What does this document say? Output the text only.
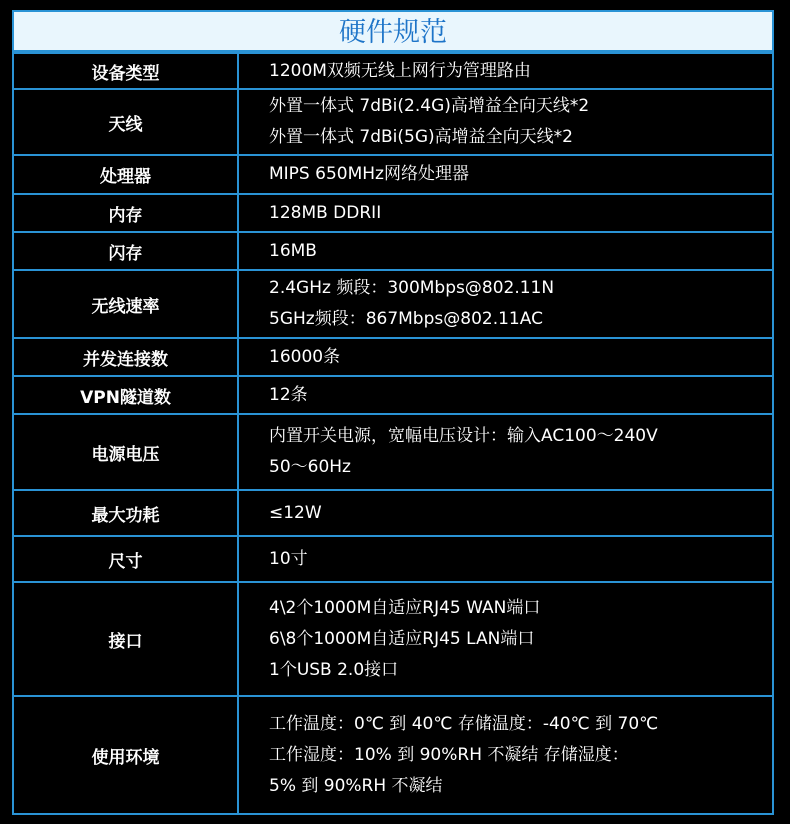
硬件规范
设备类型	1200M双频无线上网行为管理路由

天线	外置一体式 7dBi(2.4G)高增益全向天线*2
外置一体式 7dBi(5G)高增益全向天线*2

处理器	MIPS 650MHz网络处理器

内存	128MB DDRII

闪存	16MB

无线速率	2.4GHz 频段：300Mbps@802.11N
5GHz频段：867Mbps@802.11AC

并发连接数	16000条

VPN隧道数	12条

电源电压	内置开关电源，宽幅电压设计：输入AC100～240V
50～60Hz

最大功耗	≤12W

尺寸	10寸

接口	4\2个1000M自适应RJ45 WAN端口
6\8个1000M自适应RJ45 LAN端口
1个USB 2.0接口

使用环境	工作温度：0℃ 到 40℃ 存储温度：-40℃ 到 70℃
工作湿度：10% 到 90%RH 不凝结 存储湿度：
5% 到 90%RH 不凝结
